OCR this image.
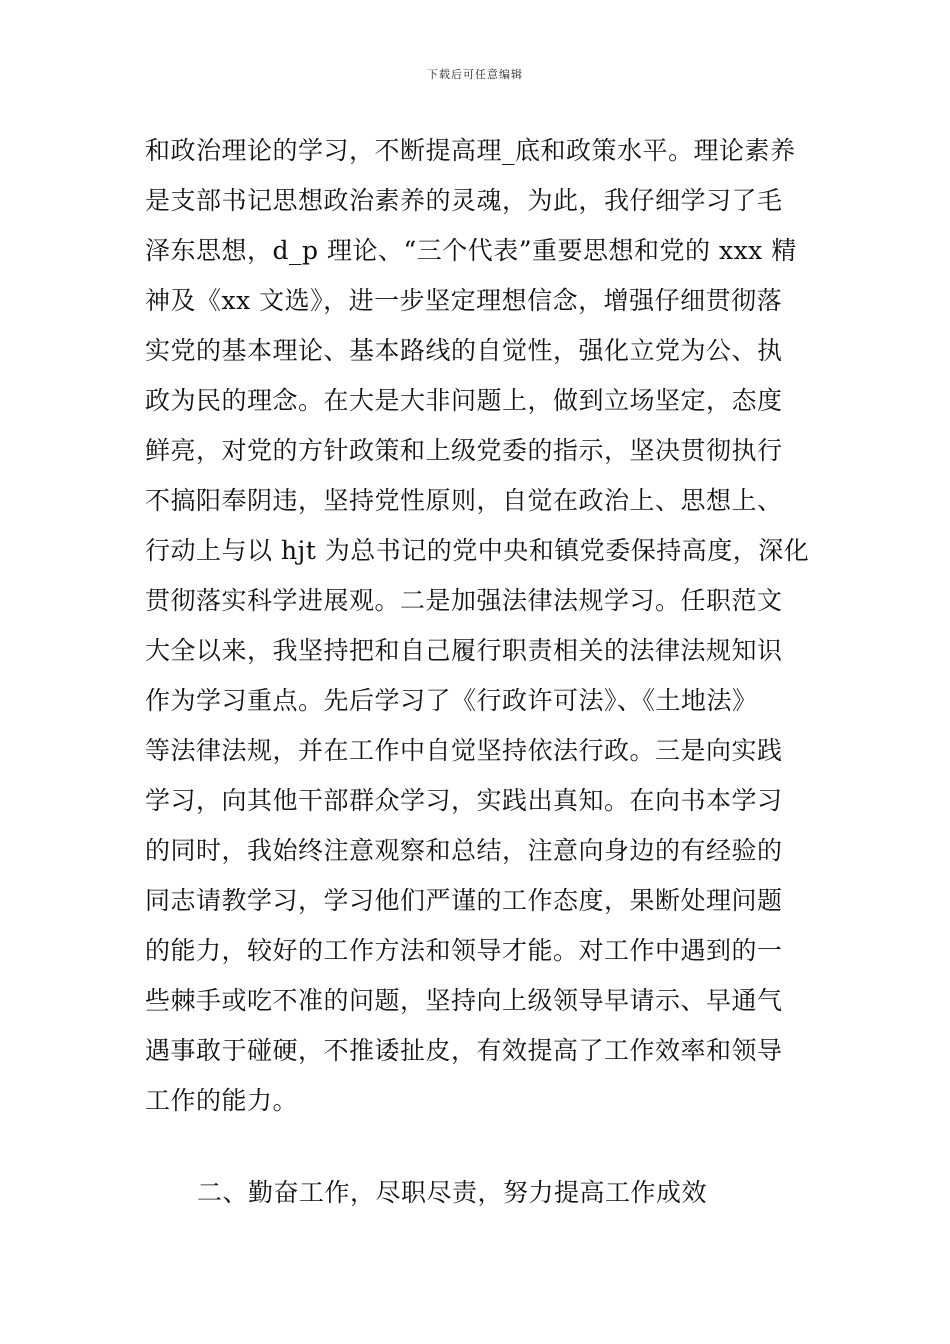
下载后可任意编辑
和政治理论的学习，不断提高理_底和政策水平。理论素养
是支部书记思想政治素养的灵魂，为此，我仔细学习了毛
泽东思想，d_p 理论、“三个代表”重要思想和党的 xxx 精
神及《xx 文选》，进一步坚定理想信念，增强仔细贯彻落
实党的基本理论、基本路线的自觉性，强化立党为公、执
政为民的理念。在大是大非问题上，做到立场坚定，态度
鲜亮，对党的方针政策和上级党委的指示，坚决贯彻执行
不搞阳奉阴违，坚持党性原则，自觉在政治上、思想上、
行动上与以 hjt 为总书记的党中央和镇党委保持高度，深化
贯彻落实科学进展观。二是加强法律法规学习。任职范文
大全以来，我坚持把和自己履行职责相关的法律法规知识
作为学习重点。先后学习了《行政许可法》、《土地法》
等法律法规，并在工作中自觉坚持依法行政。三是向实践
学习，向其他干部群众学习，实践出真知。在向书本学习
的同时，我始终注意观察和总结，注意向身边的有经验的
同志请教学习，学习他们严谨的工作态度，果断处理问题
的能力，较好的工作方法和领导才能。对工作中遇到的一
些棘手或吃不准的问题，坚持向上级领导早请示、早通气
遇事敢于碰硬，不推诿扯皮，有效提高了工作效率和领导
工作的能力。
二、勤奋工作，尽职尽责，努力提高工作成效
